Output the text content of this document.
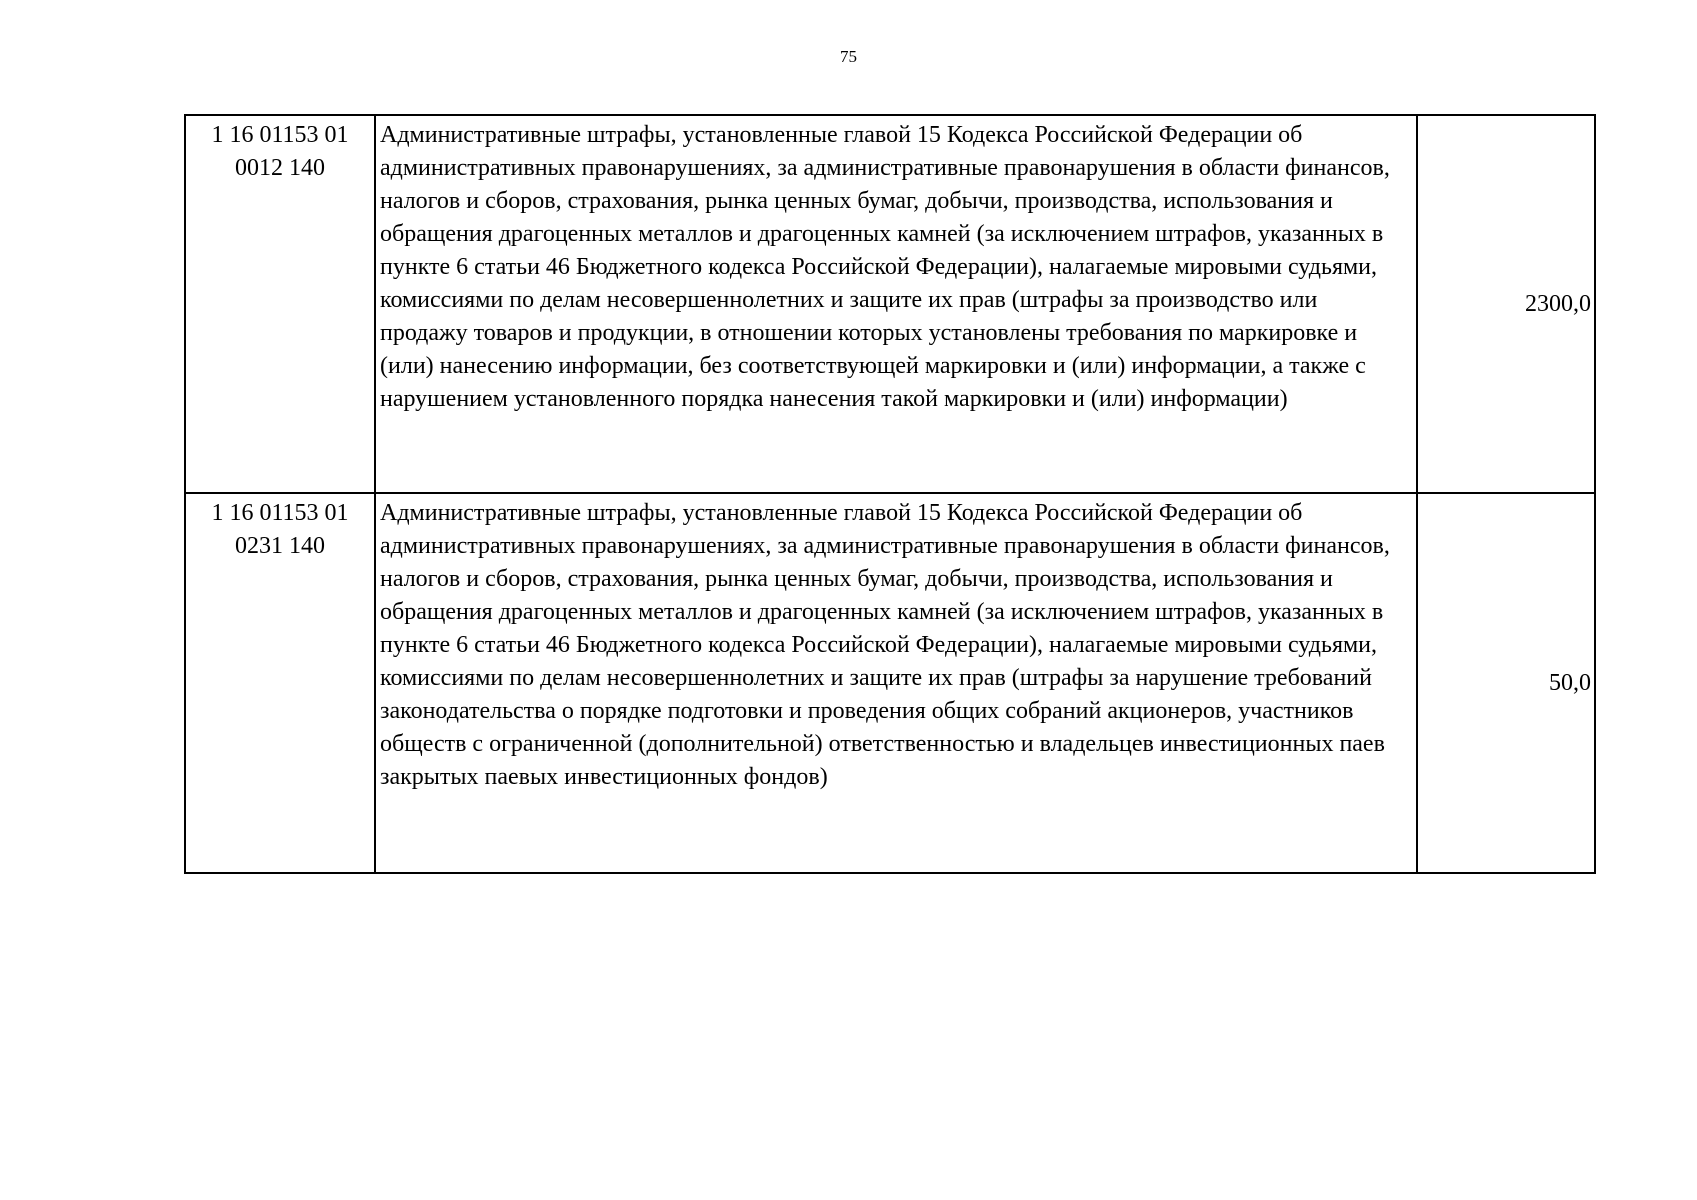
75
1 16 01153 01
0012 140	Административные штрафы, установленные главой 15 Кодекса Российской Федерации об административных правонарушениях, за административные правонарушения в области финансов, налогов и сборов, страхования, рынка ценных бумаг, добычи, производства, использования и обращения драгоценных металлов и драгоценных камней (за исключением штрафов, указанных в пункте 6 статьи 46 Бюджетного кодекса Российской Федерации), налагаемые мировыми судьями, комиссиями по делам несовершеннолетних и защите их прав (штрафы за производство или продажу товаров и продукции, в отношении которых установлены требования по маркировке и (или) нанесению информации, без соответствующей маркировки и (или) информации, а также с нарушением установленного порядка нанесения такой маркировки и (или) информации)	2300,0

1 16 01153 01
0231 140	Административные штрафы, установленные главой 15 Кодекса Российской Федерации об административных правонарушениях, за административные правонарушения в области финансов, налогов и сборов, страхования, рынка ценных бумаг, добычи, производства, использования и обращения драгоценных металлов и драгоценных камней (за исключением штрафов, указанных в пункте 6 статьи 46 Бюджетного кодекса Российской Федерации), налагаемые мировыми судьями, комиссиями по делам несовершеннолетних и защите их прав (штрафы за нарушение требований законодательства о порядке подготовки и проведения общих собраний акционеров, участников обществ с ограниченной (дополнительной) ответственностью и владельцев инвестиционных паев закрытых паевых инвестиционных фондов)	50,0
